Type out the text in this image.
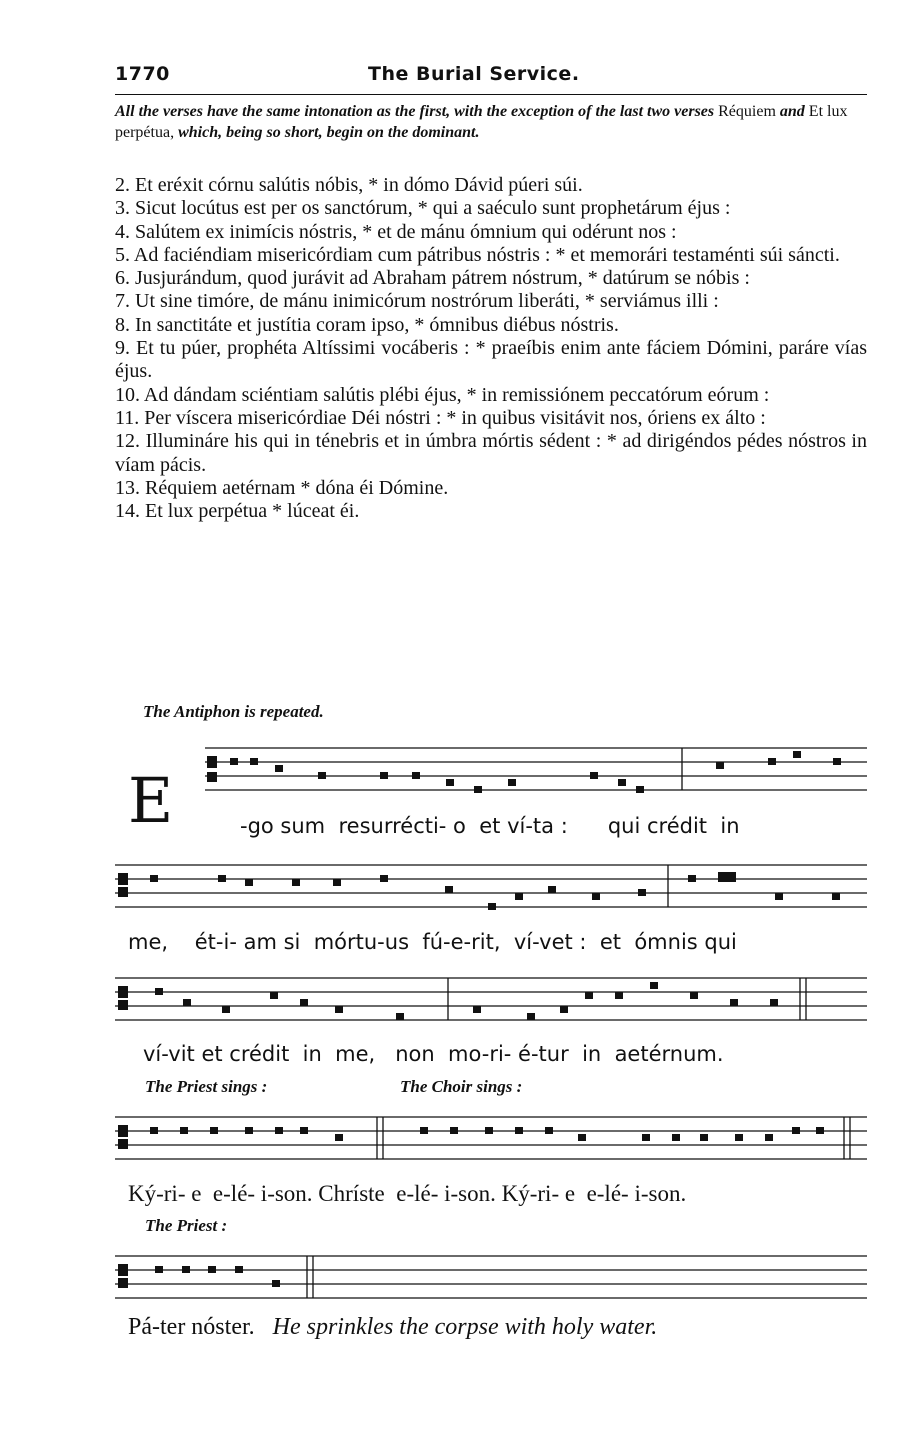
1770	The Burial Service.
All the verses have the same intonation as the first, with the exception of the last two verses Réquiem and Et lux perpétua, which, being so short, begin on the dominant.
2. Et eréxit córnu salútis nóbis, * in dómo Dávid púeri súi.
3. Sicut locútus est per os sanctórum, * qui a saéculo sunt prophetárum éjus :
4. Salútem ex inimícis nóstris, * et de mánu ómnium qui odérunt nos :
5. Ad faciéndiam misericórdiam cum pátribus nóstris : * et memorári testaménti súi sáncti.
6. Jusjurándum, quod jurávit ad Abraham pátrem nóstrum, * datúrum se nóbis :
7. Ut sine timóre, de mánu inimicórum nostrórum liberáti, * serviámus illi :
8. In sanctitáte et justítia coram ipso, * ómnibus diébus nóstris.
9. Et tu púer, prophéta Altíssimi vocáberis : * praeíbis enim ante fáciem Dómini, paráre vías éjus.
10. Ad dándam sciéntiam salútis plébi éjus, * in remissiónem peccatórum eórum :
11. Per víscera misericórdiae Déi nóstri : * in quibus visitávit nos, óriens ex álto :
12. Illumináre his qui in ténebris et in úmbra mórtis sédent : * ad dirigéndos pédes nóstros in víam pácis.
13. Réquiem aetérnam * dóna éi Dómine.
14. Et lux perpétua * lúceat éi.
The Antiphon is repeated.
E	-go sum  resurrécti- o  et ví-ta :      qui crédit  in
me,    ét-i- am si  mórtu-us  fú-e-rit,  ví-vet :  et  ómnis qui
ví-vit et crédit  in  me,   non  mo-ri- é-tur  in  aetérnum.
The Priest sings :	The Choir sings :
Ký-ri- e  e-lé- i-son. Chríste  e-lé- i-son. Ký-ri- e  e-lé- i-son.
The Priest :
Pá-ter nóster. He sprinkles the corpse with holy water.
